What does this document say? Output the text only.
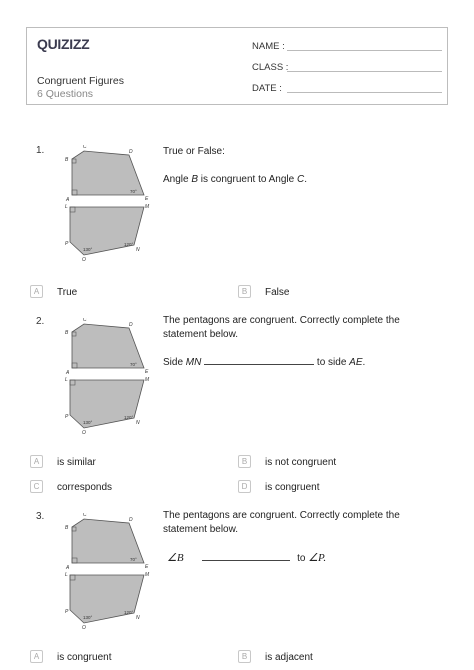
QUIZIZZ
Congruent Figures
6 Questions
NAME :
CLASS :
DATE :
1.	C
D
B
A	E
L	M
P
O
N
70°
120°
130°
True or False:
Angle B is congruent to Angle C.
A	True	B	False
2.	C
D
B
A	E
L	M
P
O
N
70°
120°
130°
The pentagons are congruent. Correctly complete the
statement below.
Side MN	to side AE.
A	is similar	B	is not congruent
C	corresponds	D	is congruent
3.	C
D
B
A	E
L	M
P
O
N
70°
120°
130°
The pentagons are congruent. Correctly complete the
statement below.
∠B	to ∠P.
A	is congruent	B	is adjacent
